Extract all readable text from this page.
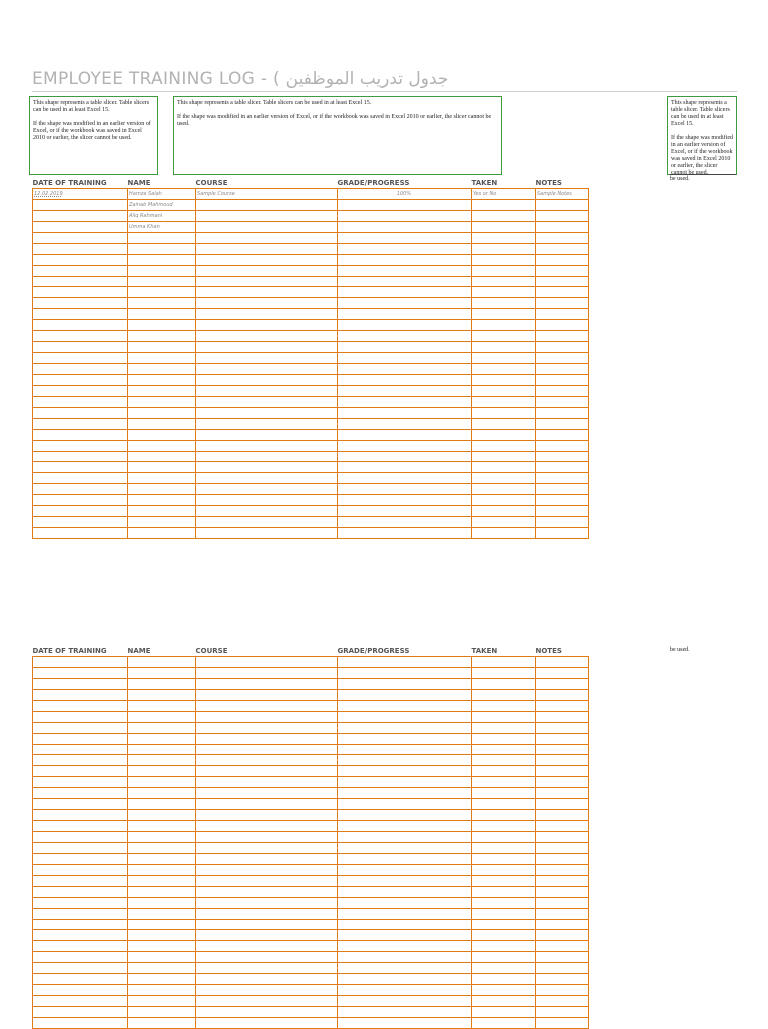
EMPLOYEE TRAINING LOG - ( جدول تدريب الموظفين

This shape represents a table slicer. Table slicers can be used in at least Excel 15.

If the shape was modified in an earlier version of Excel, or if the workbook was saved in Excel 2010 or earlier, the slicer cannot be used.

This shape represents a table slicer. Table slicers can be used in at least Excel 15.

If the shape was modified in an earlier version of Excel, or if the workbook was saved in Excel 2010 or earlier, the slicer cannot be used.

This shape represents a table slicer. Table slicers can be used in at least Excel 15.

If the shape was modified in an earlier version of Excel, or if the workbook was saved in Excel 2010 or earlier, the slicer cannot be used.

be used.
be used.
DATE OF TRAINING	NAME	COURSE	GRADE/PROGRESS	TAKEN	NOTES
12.02.2019	Hamza Salah	Sample Course	100%	Yes or No	Sample Notes
	Zainab Mahmoud				
	Aliq Rahmani				
	Umma Khan				

DATE OF TRAINING	NAME	COURSE	GRADE/PROGRESS	TAKEN	NOTES
